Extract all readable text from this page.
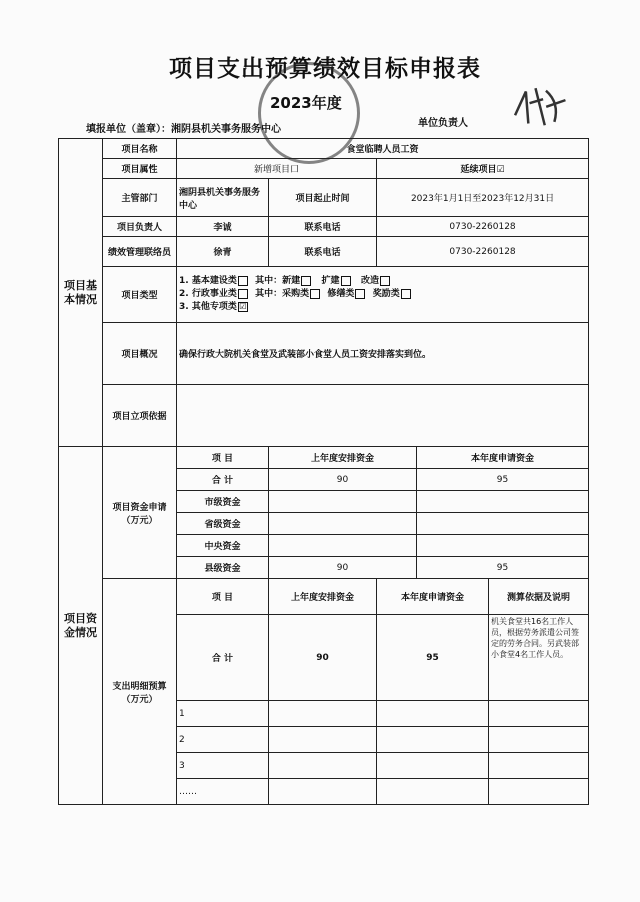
项目支出预算绩效目标申报表
2023年度
填报单位（盖章）：湘阴县机关事务服务中心
单位负责人
项目基本情况	项目名称	食堂临聘人员工资				
	项目属性	新增项目口		延续项目☑		
	主管部门	湘阴县机关事务服务中心	项目起止时间	2023年1月1日至2023年12月31日		
	项目负责人	李诚	联系电话	0730-2260128		
	绩效管理联络员	徐青	联系电话	0730-2260128		
	项目类型	1. 基本建设类 其中：新建 扩建 改造
2. 行政事业类 其中：采购类 修缮类 奖励类
3. 其他专项类 ☑				
	项目概况	确保行政大院机关食堂及武装部小食堂人员工资安排落实到位。				
	项目立项依据					
项目资金情况	项目资金申请（万元）	项 目	上年度安排资金		本年度申请资金	
		合 计	90		95	
		市级资金				
		省级资金				
		中央资金				
		县级资金	90		95	
	支出明细预算（万元）	项 目	上年度安排资金	本年度申请资金		测算依据及说明
		合 计	90	95		机关食堂共16名工作人员，根据劳务派遣公司签定的劳务合同。另武装部小食堂4名工作人员。
		1				
		2				
		3				
		……				
